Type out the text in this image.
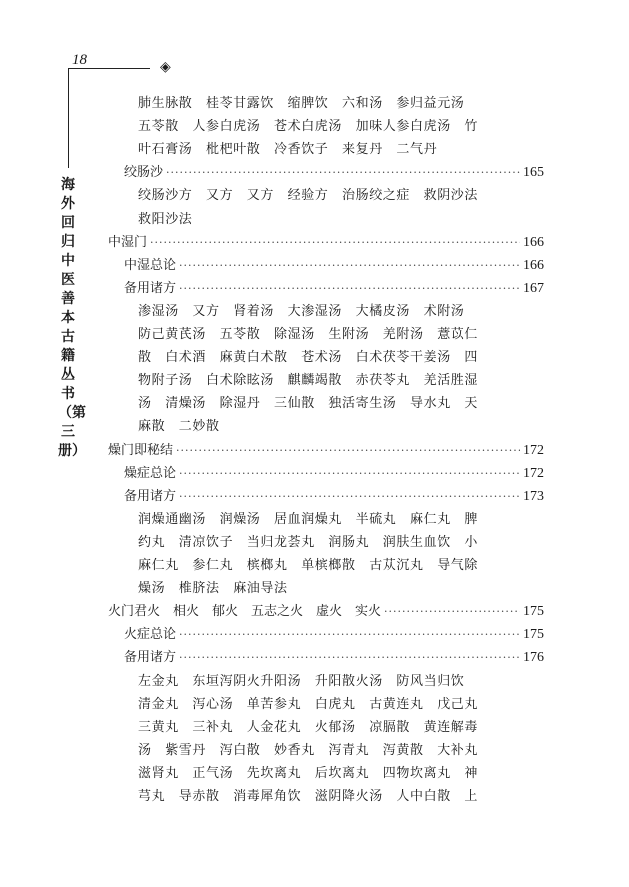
18	◈
海外回归中医善本古籍丛书（第三册）
肺生脉散　桂苓甘露饮　缩脾饮　六和汤　参归益元汤
五苓散　人参白虎汤　苍术白虎汤　加味人参白虎汤　竹
叶石膏汤　枇杷叶散　冷香饮子　来复丹　二气丹
绞肠沙 ·····	165
绞肠沙方　又方　又方　经验方　治肠绞之症　救阴沙法
救阳沙法
中湿门 ·····	166
中湿总论 ·····	166
备用诸方 ·····	167
渗湿汤　又方　肾着汤　大渗湿汤　大橘皮汤　术附汤
防己黄芪汤　五苓散　除湿汤　生附汤　羌附汤　薏苡仁
散　白术酒　麻黄白术散　苍术汤　白术茯苓干姜汤　四
物附子汤　白术除眩汤　麒麟竭散　赤茯苓丸　羌活胜湿
汤　清燥汤　除湿丹　三仙散　独活寄生汤　导水丸　天
麻散　二妙散
燥门即秘结 ·····	172
燥症总论 ·····	172
备用诸方 ·····	173
润燥通幽汤　润燥汤　居血润燥丸　半硫丸　麻仁丸　脾
约丸　清凉饮子　当归龙荟丸　润肠丸　润肤生血饮　小
麻仁丸　参仁丸　槟榔丸　单槟榔散　古苁沉丸　导气除
燥汤　椎脐法　麻油导法
火门君火　相火　郁火　五志之火　虚火　实火 ·····	175
火症总论 ·····	175
备用诸方 ·····	176
左金丸　东垣泻阴火升阳汤　升阳散火汤　防风当归饮
清金丸　泻心汤　单苦参丸　白虎丸　古黄连丸　戊己丸
三黄丸　三补丸　人金花丸　火郁汤　凉膈散　黄连解毒
汤　紫雪丹　泻白散　妙香丸　泻青丸　泻黄散　大补丸
滋肾丸　正气汤　先坎离丸　后坎离丸　四物坎离丸　神
芎丸　导赤散　消毒犀角饮　滋阴降火汤　人中白散　上
